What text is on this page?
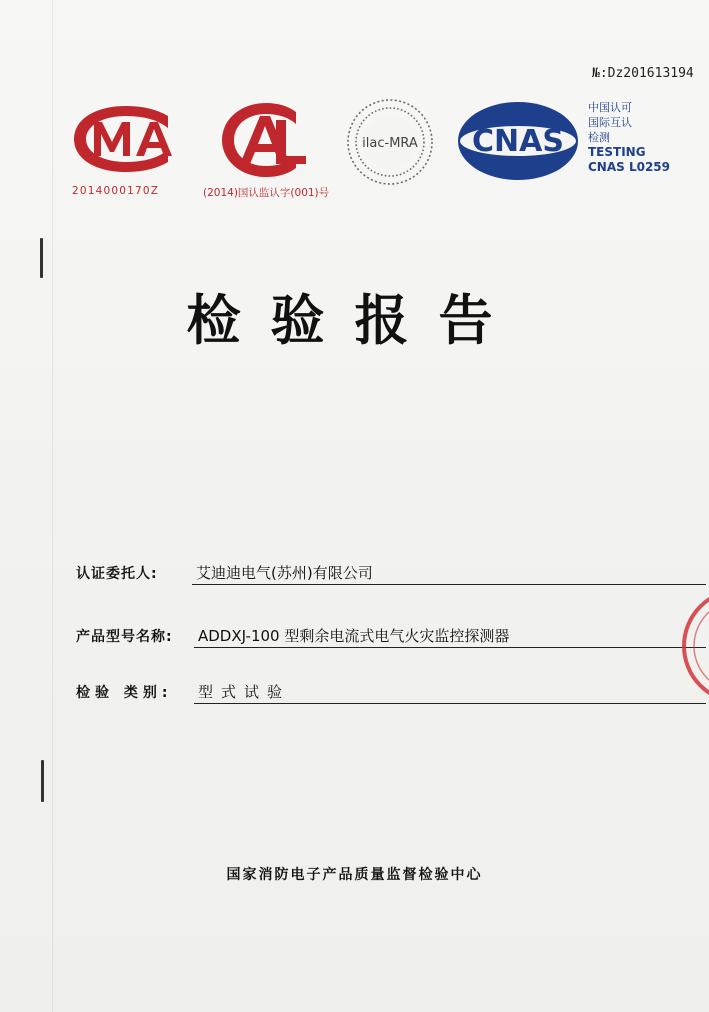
№:Dz201613194
2014000170Z	(2014)国认监认字(001)号
ilac-MRA CNAS
中国认可
国际互认
检测
TESTING
CNAS L0259
检验报告
认证委托人:	艾迪迪电气(苏州)有限公司
产品型号名称: ADDXJ-100 型剩余电流式电气火灾监控探测器
检验 类别: 型式试验
国家消防电子产品质量监督检验中心
